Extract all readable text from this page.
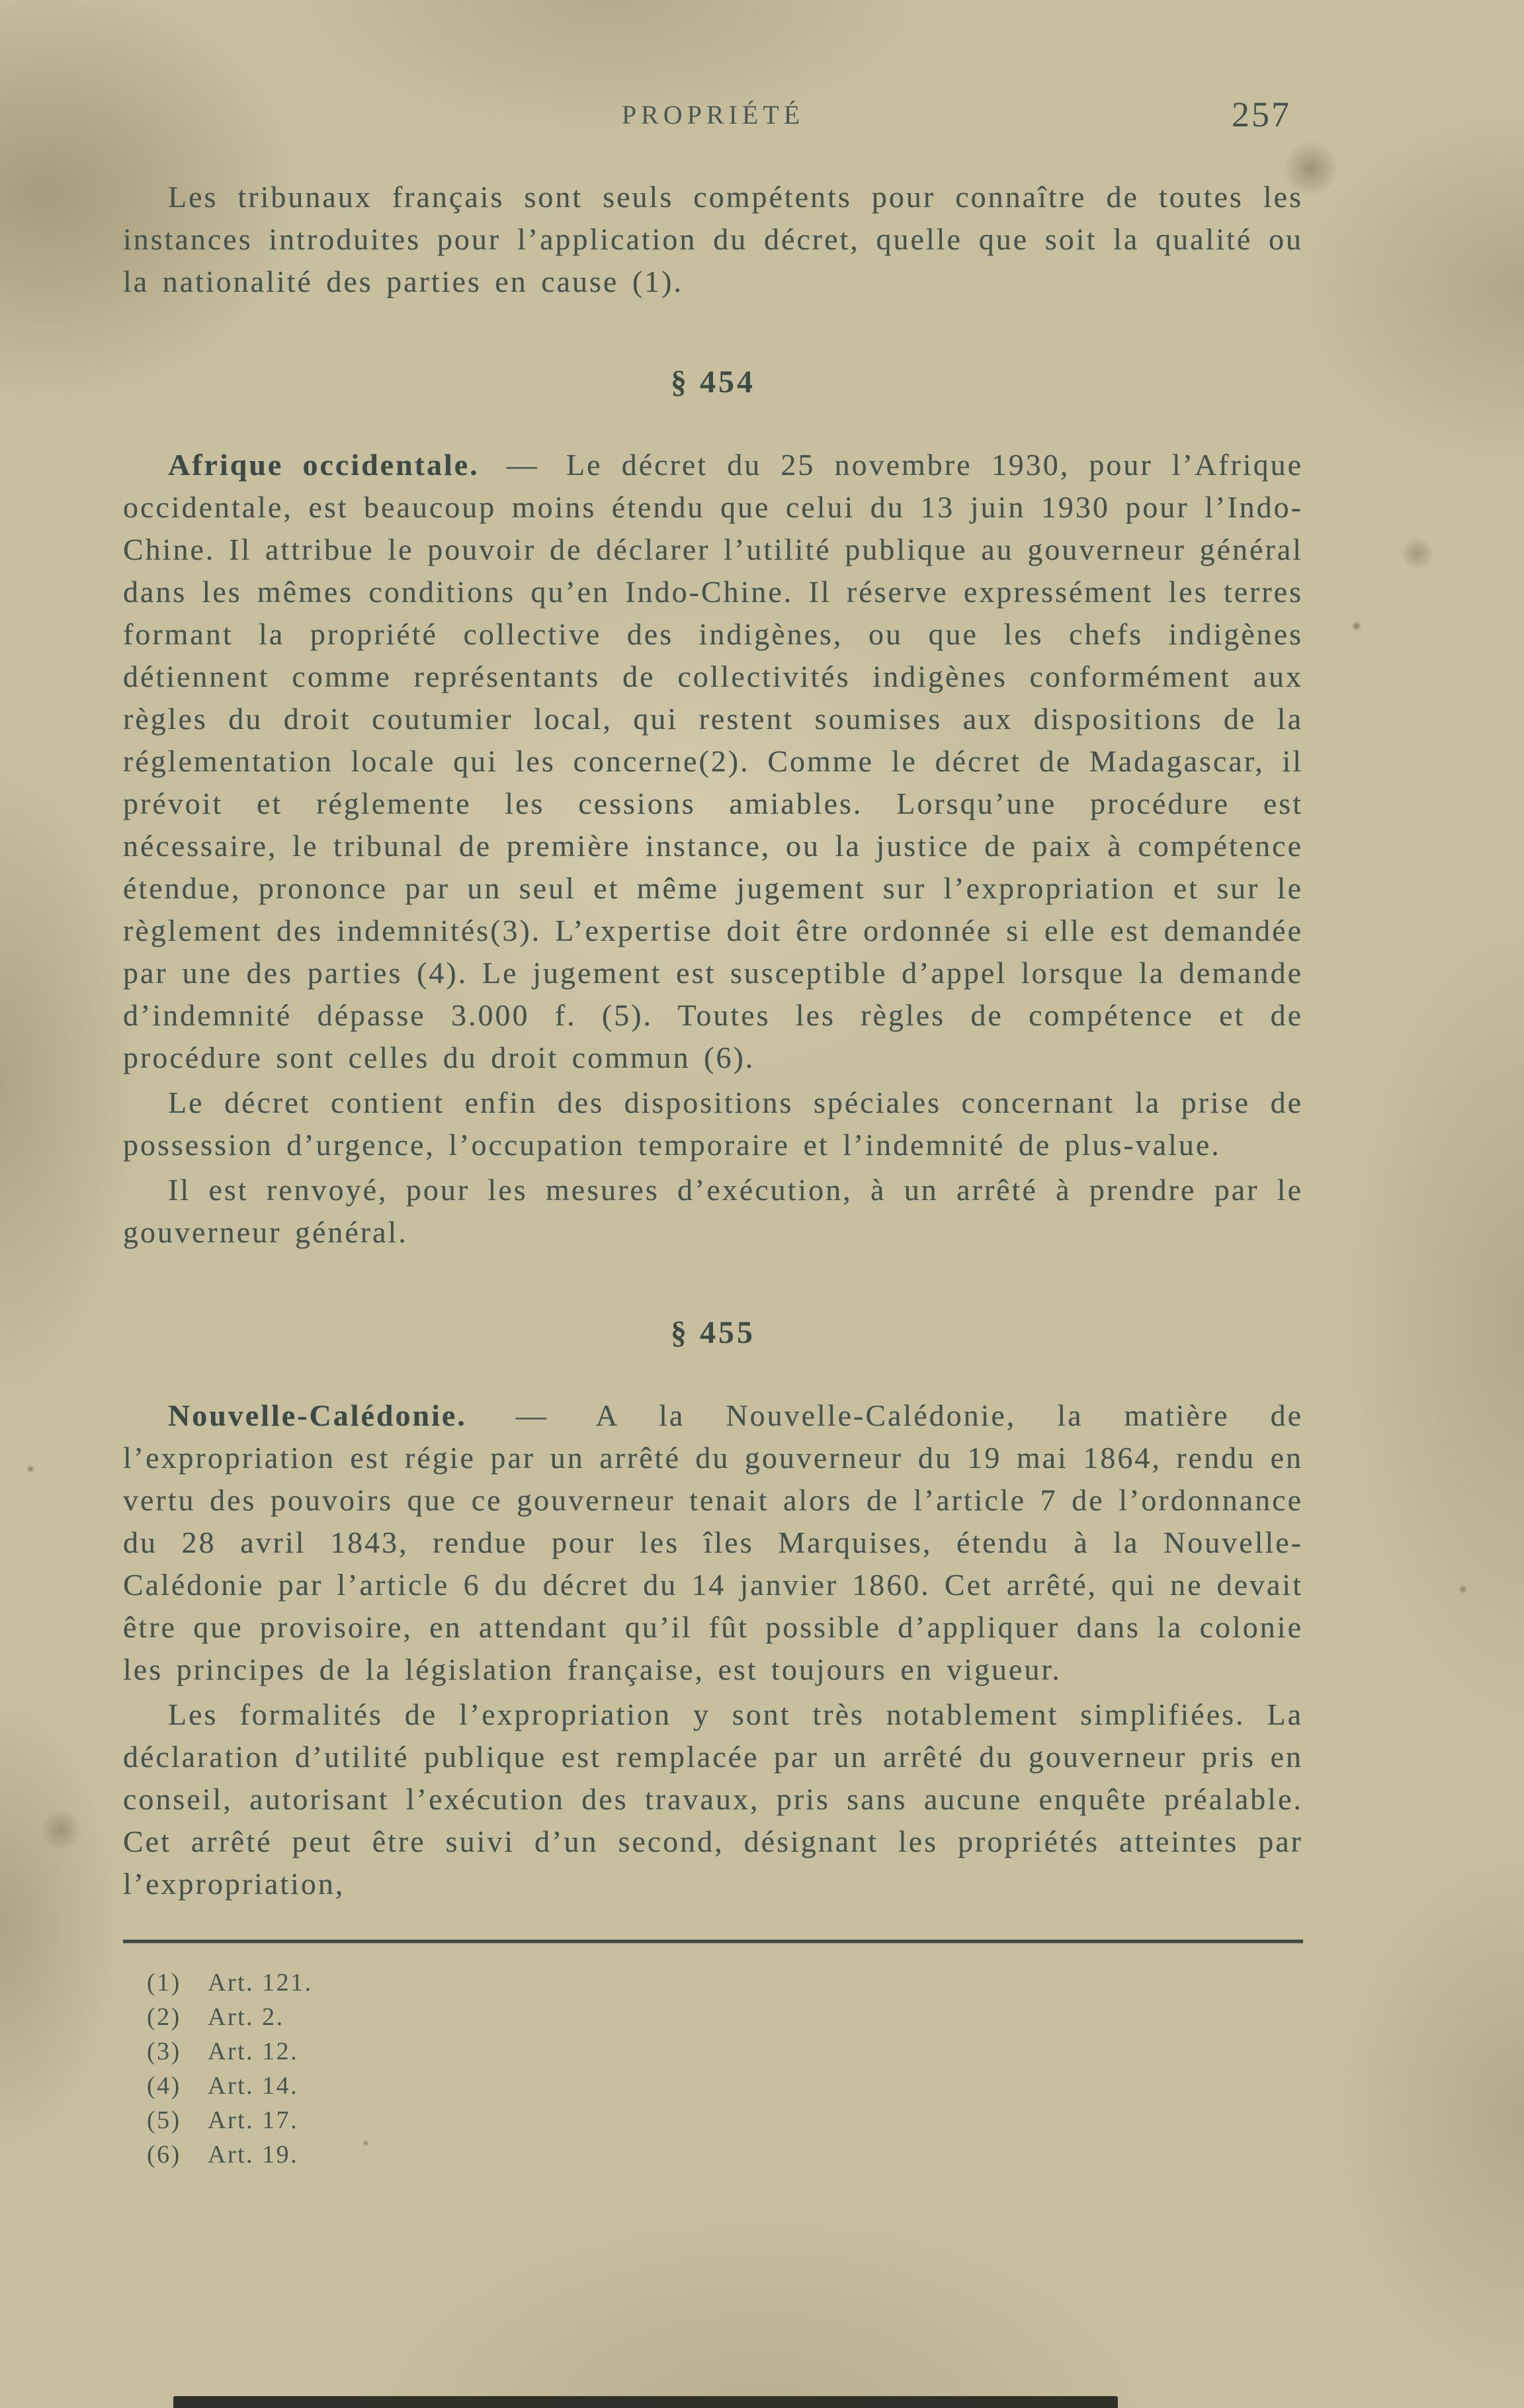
PROPRIÉTÉ	257

Les tribunaux français sont seuls compétents pour connaître de toutes les instances introduites pour l’application du décret, quelle que soit la qualité ou la nationalité des parties en cause (1).

§ 454

Afrique occidentale. — Le décret du 25 novembre 1930, pour l’Afrique occidentale, est beaucoup moins étendu que celui du 13 juin 1930 pour l’Indo-Chine. Il attribue le pouvoir de déclarer l’utilité publique au gouverneur général dans les mêmes conditions qu’en Indo-Chine. Il réserve expressément les terres formant la propriété collective des indigènes, ou que les chefs indigènes détiennent comme représentants de collectivités indigènes conformément aux règles du droit coutumier local, qui restent soumises aux dispositions de la réglementation locale qui les concerne(2). Comme le décret de Madagascar, il prévoit et réglemente les cessions amiables. Lorsqu’une procédure est nécessaire, le tribunal de première instance, ou la justice de paix à compétence étendue, prononce par un seul et même jugement sur l’expropriation et sur le règlement des indemnités(3). L’expertise doit être ordonnée si elle est demandée par une des parties (4). Le jugement est susceptible d’appel lorsque la demande d’indemnité dépasse 3.000 f. (5). Toutes les règles de compétence et de procédure sont celles du droit commun (6).

Le décret contient enfin des dispositions spéciales concernant la prise de possession d’urgence, l’occupation temporaire et l’indemnité de plus-value.

Il est renvoyé, pour les mesures d’exécution, à un arrêté à prendre par le gouverneur général.

§ 455

Nouvelle-Calédonie. — A la Nouvelle-Calédonie, la matière de l’expropriation est régie par un arrêté du gouverneur du 19 mai 1864, rendu en vertu des pouvoirs que ce gouverneur tenait alors de l’article 7 de l’ordonnance du 28 avril 1843, rendue pour les îles Marquises, étendu à la Nouvelle-Calédonie par l’article 6 du décret du 14 janvier 1860. Cet arrêté, qui ne devait être que provisoire, en attendant qu’il fût possible d’appliquer dans la colonie les principes de la législation française, est toujours en vigueur.

Les formalités de l’expropriation y sont très notablement simplifiées. La déclaration d’utilité publique est remplacée par un arrêté du gouverneur pris en conseil, autorisant l’exécution des travaux, pris sans aucune enquête préalable. Cet arrêté peut être suivi d’un second, désignant les propriétés atteintes par l’expropriation,

(1)	Art. 121.
(2)	Art. 2.
(3)	Art. 12.
(4)	Art. 14.
(5)	Art. 17.
(6)	Art. 19.
